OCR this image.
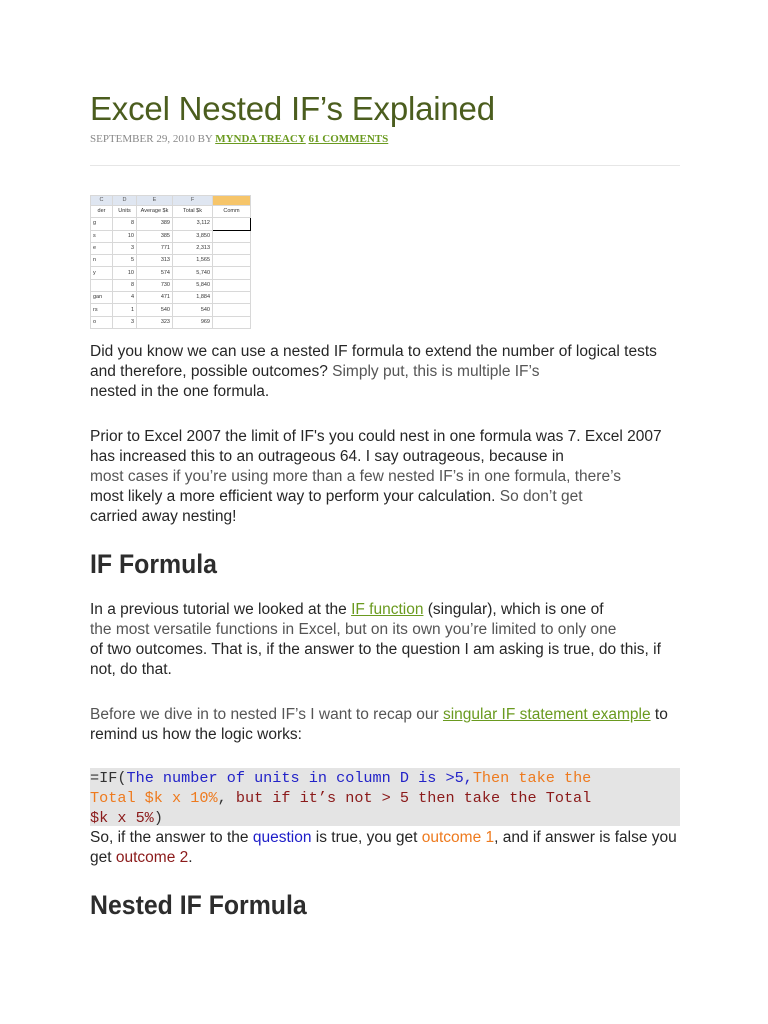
Excel Nested IF’s Explained
SEPTEMBER 29, 2010 BY MYNDA TREACY 61 COMMENTS
C	D	E	F	
der	Units	Average $k	Total $k	Comm
g	8	389	3,112	
s	10	385	3,850	
e	3	771	2,313	
n	5	313	1,565	
y	10	574	5,740	
	8	730	5,840	
gan	4	471	1,884	
rs	1	540	540	
o	3	323	969	

Did you know we can use a nested IF formula to extend the number of logical tests and therefore, possible outcomes? Simply put, this is multiple IF’s
nested in the one formula.

Prior to Excel 2007 the limit of IF's you could nest in one formula was 7. Excel 2007 has increased this to an outrageous 64. I say outrageous, because in
most cases if you’re using more than a few nested IF’s in one formula, there’s
most likely a more efficient way to perform your calculation. So don’t get
carried away nesting!

IF Formula

In a previous tutorial we looked at the IF function (singular), which is one of
the most versatile functions in Excel, but on its own you’re limited to only one
of two outcomes. That is, if the answer to the question I am asking is true, do this, if not, do that.

Before we dive in to nested IF’s I want to recap our singular IF statement example to remind us how the logic works:

=IF(The number of units in column D is >5,Then take the
Total $k x 10%, but if it’s not > 5 then take the Total
$k x 5%)

So, if the answer to the question is true, you get outcome 1, and if answer is false you get outcome 2.

Nested IF Formula
